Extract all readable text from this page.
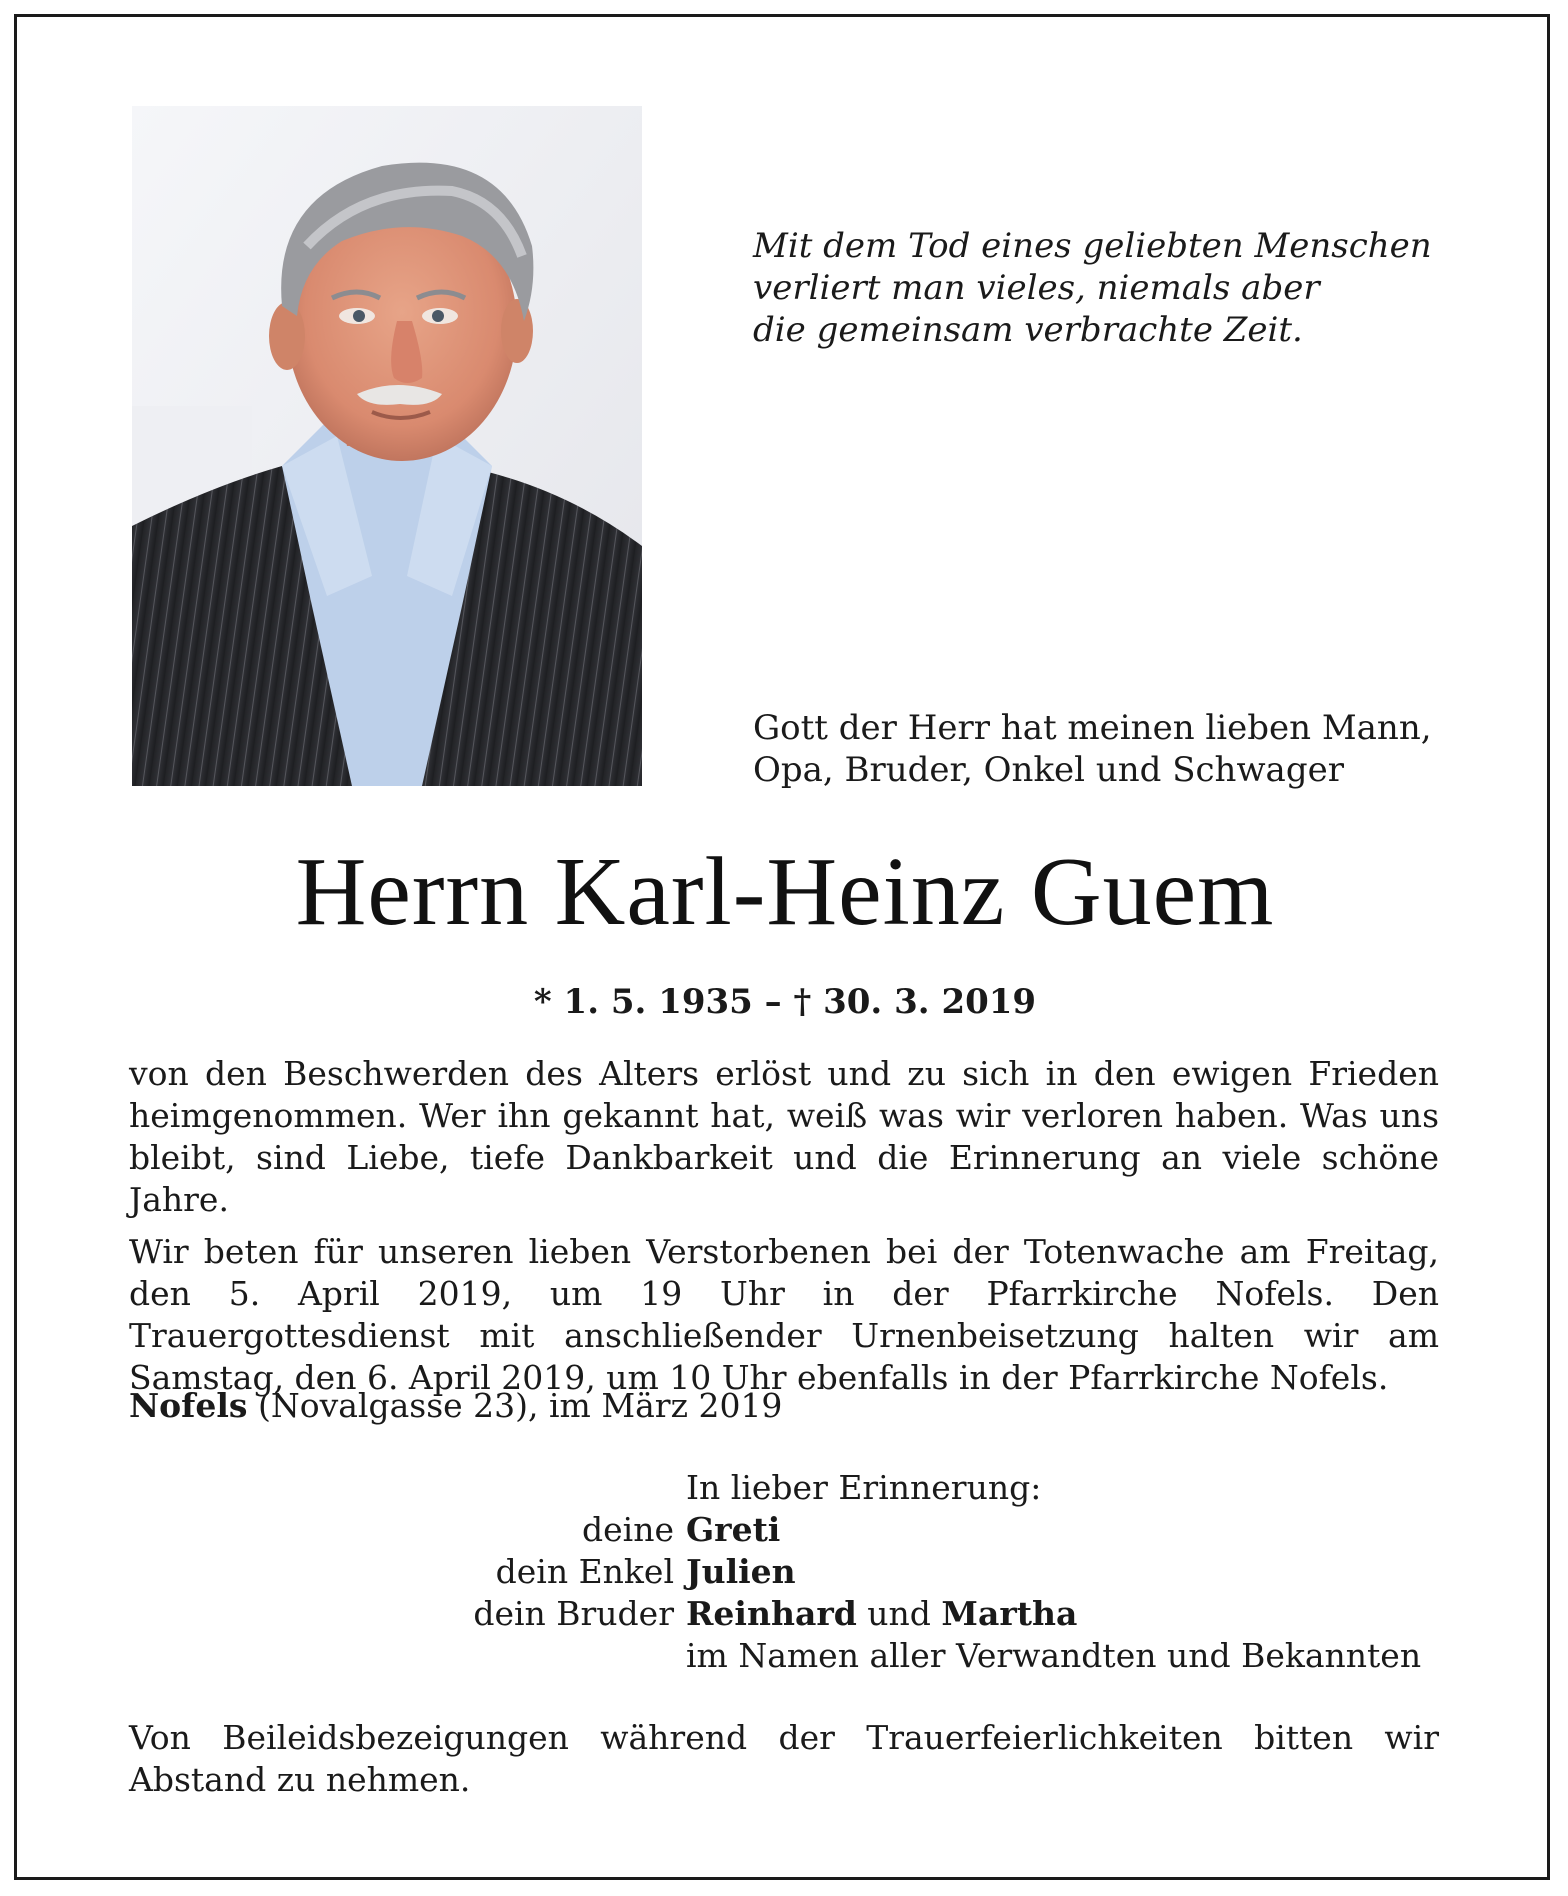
Mit dem Tod eines geliebten Menschen
verliert man vieles, niemals aber
die gemeinsam verbrachte Zeit.
Gott der Herr hat meinen lieben Mann,
Opa, Bruder, Onkel und Schwager
Herrn Karl-Heinz Guem
* 1. 5. 1935 – † 30. 3. 2019

von den Beschwerden des Alters erlöst und zu sich in den ewigen Frieden heimgenommen. Wer ihn gekannt hat, weiß was wir verloren haben. Was uns bleibt, sind Liebe, tiefe Dankbarkeit und die Erinnerung an viele schöne Jahre.

Wir beten für unseren lieben Verstorbenen bei der Totenwache am Freitag, den 5. April 2019, um 19 Uhr in der Pfarrkirche Nofels. Den Trauergottesdienst mit anschließender Urnenbeisetzung halten wir am Samstag, den 6. April 2019, um 10 Uhr ebenfalls in der Pfarrkirche Nofels.

Nofels (Novalgasse 23), im März 2019
In lieber Erinnerung:
deine Greti
dein Enkel Julien
dein Bruder Reinhard und Martha
im Namen aller Verwandten und Bekannten
Von Beileidsbezeigungen während der Trauerfeierlichkeiten bitten wir Abstand zu nehmen.
